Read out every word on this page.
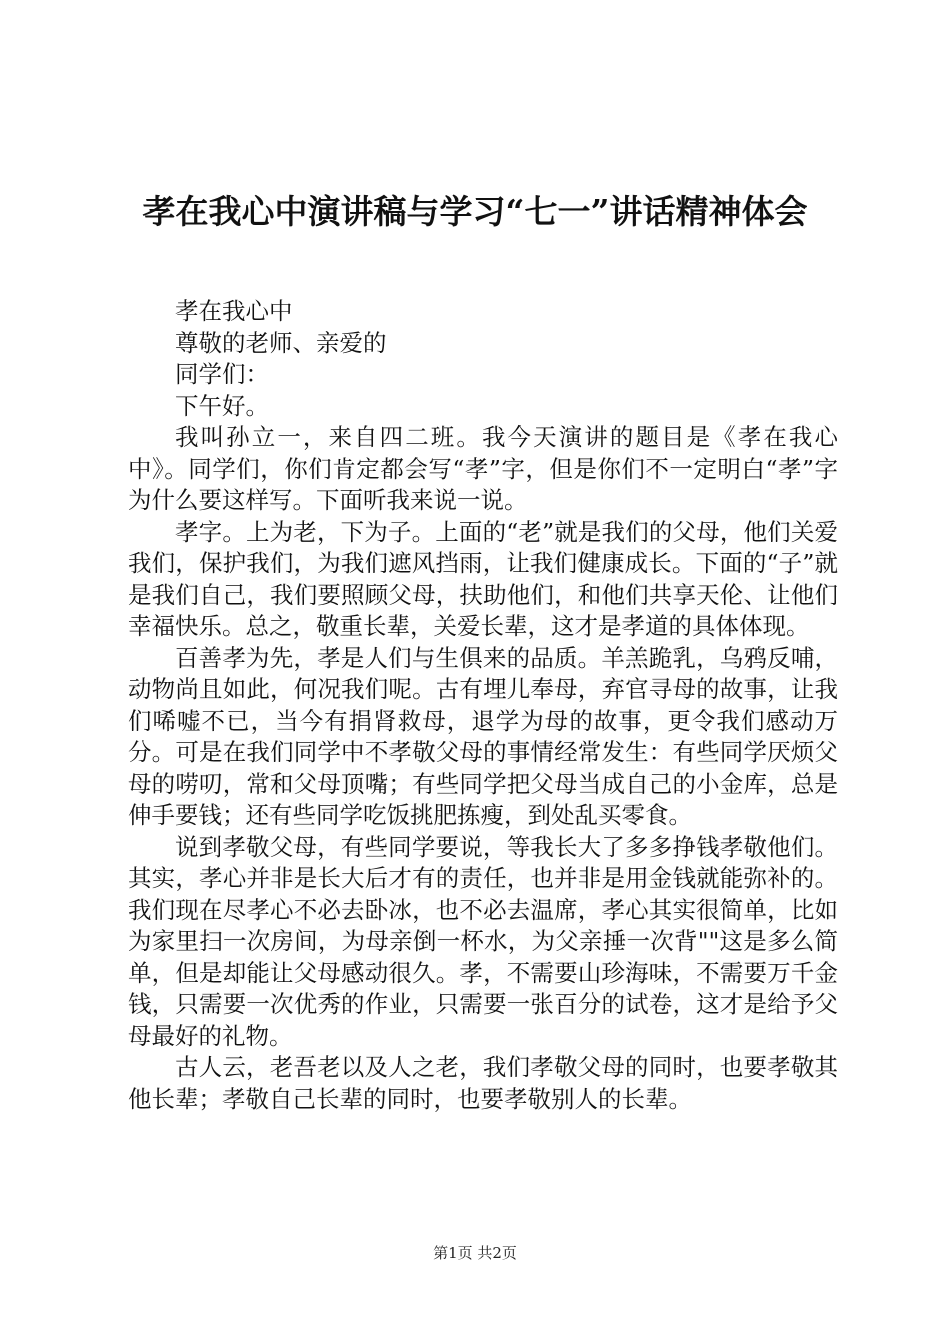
孝在我心中演讲稿与学习“七一”讲话精神体会

孝在我心中

尊敬的老师、亲爱的

同学们：

下午好。

我叫孙立一，来自四二班。我今天演讲的题目是《孝在我心中》。同学们，你们肯定都会写“孝”字，但是你们不一定明白“孝”字为什么要这样写。下面听我来说一说。

孝字。上为老，下为子。上面的“老”就是我们的父母，他们关爱我们，保护我们，为我们遮风挡雨，让我们健康成长。下面的“子”就是我们自己，我们要照顾父母，扶助他们，和他们共享天伦、让他们幸福快乐。总之，敬重长辈，关爱长辈，这才是孝道的具体体现。

百善孝为先，孝是人们与生俱来的品质。羊羔跪乳，乌鸦反哺，动物尚且如此，何况我们呢。古有埋儿奉母，弃官寻母的故事，让我们唏嘘不已，当今有捐肾救母，退学为母的故事，更令我们感动万分。可是在我们同学中不孝敬父母的事情经常发生：有些同学厌烦父母的唠叨，常和父母顶嘴；有些同学把父母当成自己的小金库，总是伸手要钱；还有些同学吃饭挑肥拣瘦，到处乱买零食。

说到孝敬父母，有些同学要说，等我长大了多多挣钱孝敬他们。其实，孝心并非是长大后才有的责任，也并非是用金钱就能弥补的。我们现在尽孝心不必去卧冰，也不必去温席，孝心其实很简单，比如为家里扫一次房间，为母亲倒一杯水，为父亲捶一次背""这是多么简单，但是却能让父母感动很久。孝，不需要山珍海味，不需要万千金钱，只需要一次优秀的作业，只需要一张百分的试卷，这才是给予父母最好的礼物。

古人云，老吾老以及人之老，我们孝敬父母的同时，也要孝敬其他长辈；孝敬自己长辈的同时，也要孝敬别人的长辈。

第1页 共2页
